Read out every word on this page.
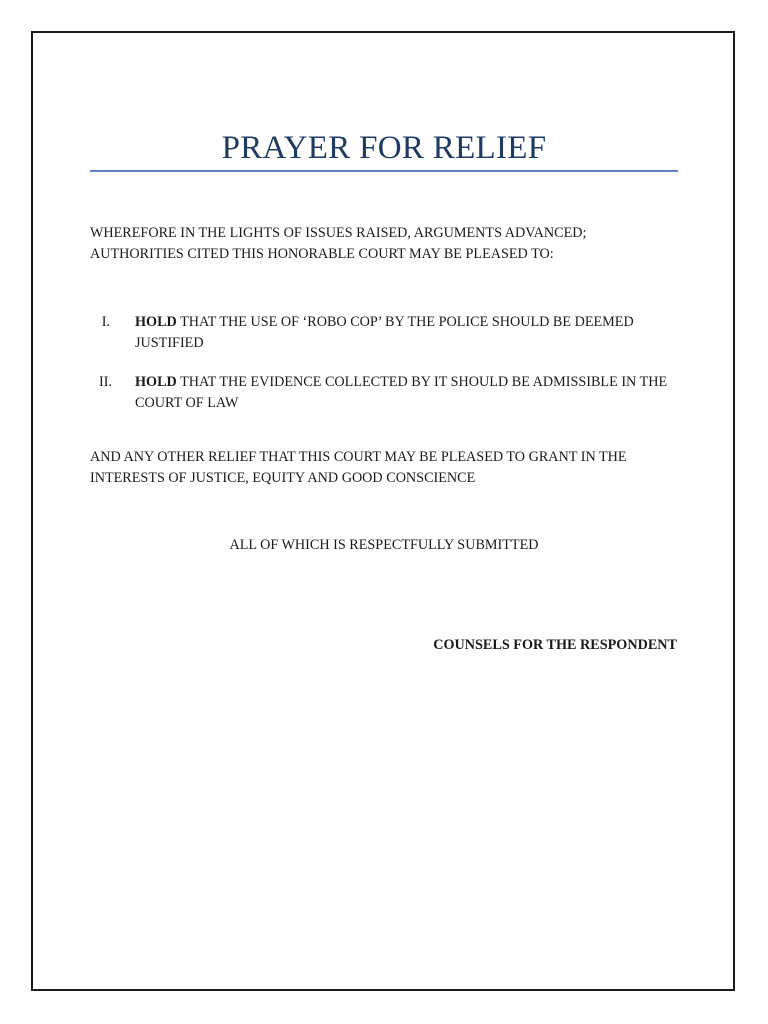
PRAYER FOR RELIEF
WHEREFORE IN THE LIGHTS OF ISSUES RAISED, ARGUMENTS ADVANCED; AUTHORITIES CITED THIS HONORABLE COURT MAY BE PLEASED TO:
I. HOLD THAT THE USE OF ‘ROBO COP’ BY THE POLICE SHOULD BE DEEMED JUSTIFIED
II. HOLD THAT THE EVIDENCE COLLECTED BY IT SHOULD BE ADMISSIBLE IN THE COURT OF LAW
AND ANY OTHER RELIEF THAT THIS COURT MAY BE PLEASED TO GRANT IN THE INTERESTS OF JUSTICE, EQUITY AND GOOD CONSCIENCE
ALL OF WHICH IS RESPECTFULLY SUBMITTED
COUNSELS FOR THE RESPONDENT
